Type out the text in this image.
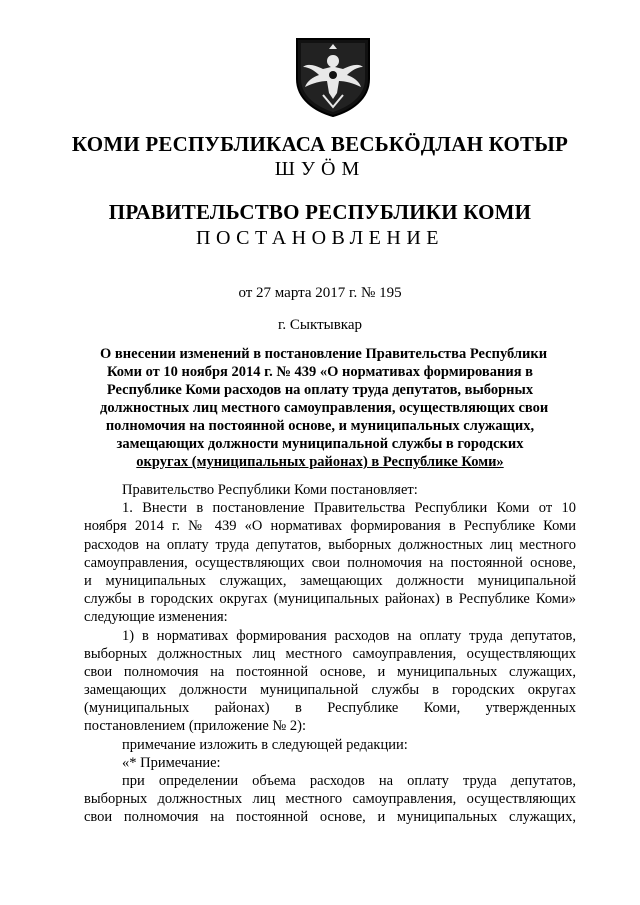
КОМИ РЕСПУБЛИКАСА ВЕСЬКӦДЛАН КОТЫР
ШУӦМ
ПРАВИТЕЛЬСТВО РЕСПУБЛИКИ КОМИ
ПОСТАНОВЛЕНИЕ
от 27 марта 2017 г. № 195
г. Сыктывкар
О внесении изменений в постановление Правительства Республики
Коми от 10 ноября 2014 г. № 439 «О нормативах формирования в
Республике Коми расходов на оплату труда депутатов, выборных
должностных лиц местного самоуправления, осуществляющих свои
полномочия на постоянной основе, и муниципальных служащих,
замещающих должности муниципальной службы в городских
округах (муниципальных районах) в Республике Коми»
Правительство Республики Коми постановляет:
1. Внести в постановление Правительства Республики Коми от 10
ноября 2014 г. № 439 «О нормативах формирования в Республике Коми
расходов на оплату труда депутатов, выборных должностных лиц местного
самоуправления, осуществляющих свои полномочия на постоянной основе,
и муниципальных служащих, замещающих должности муниципальной
службы в городских округах (муниципальных районах) в Республике Коми»
следующие изменения:
1) в нормативах формирования расходов на оплату труда депутатов,
выборных должностных лиц местного самоуправления, осуществляющих
свои полномочия на постоянной основе, и муниципальных служащих,
замещающих должности муниципальной службы в городских округах
(муниципальных районах) в Республике Коми, утвержденных
постановлением (приложение № 2):
примечание изложить в следующей редакции:
«* Примечание:
при определении объема расходов на оплату труда депутатов,
выборных должностных лиц местного самоуправления, осуществляющих
свои полномочия на постоянной основе, и муниципальных служащих,
